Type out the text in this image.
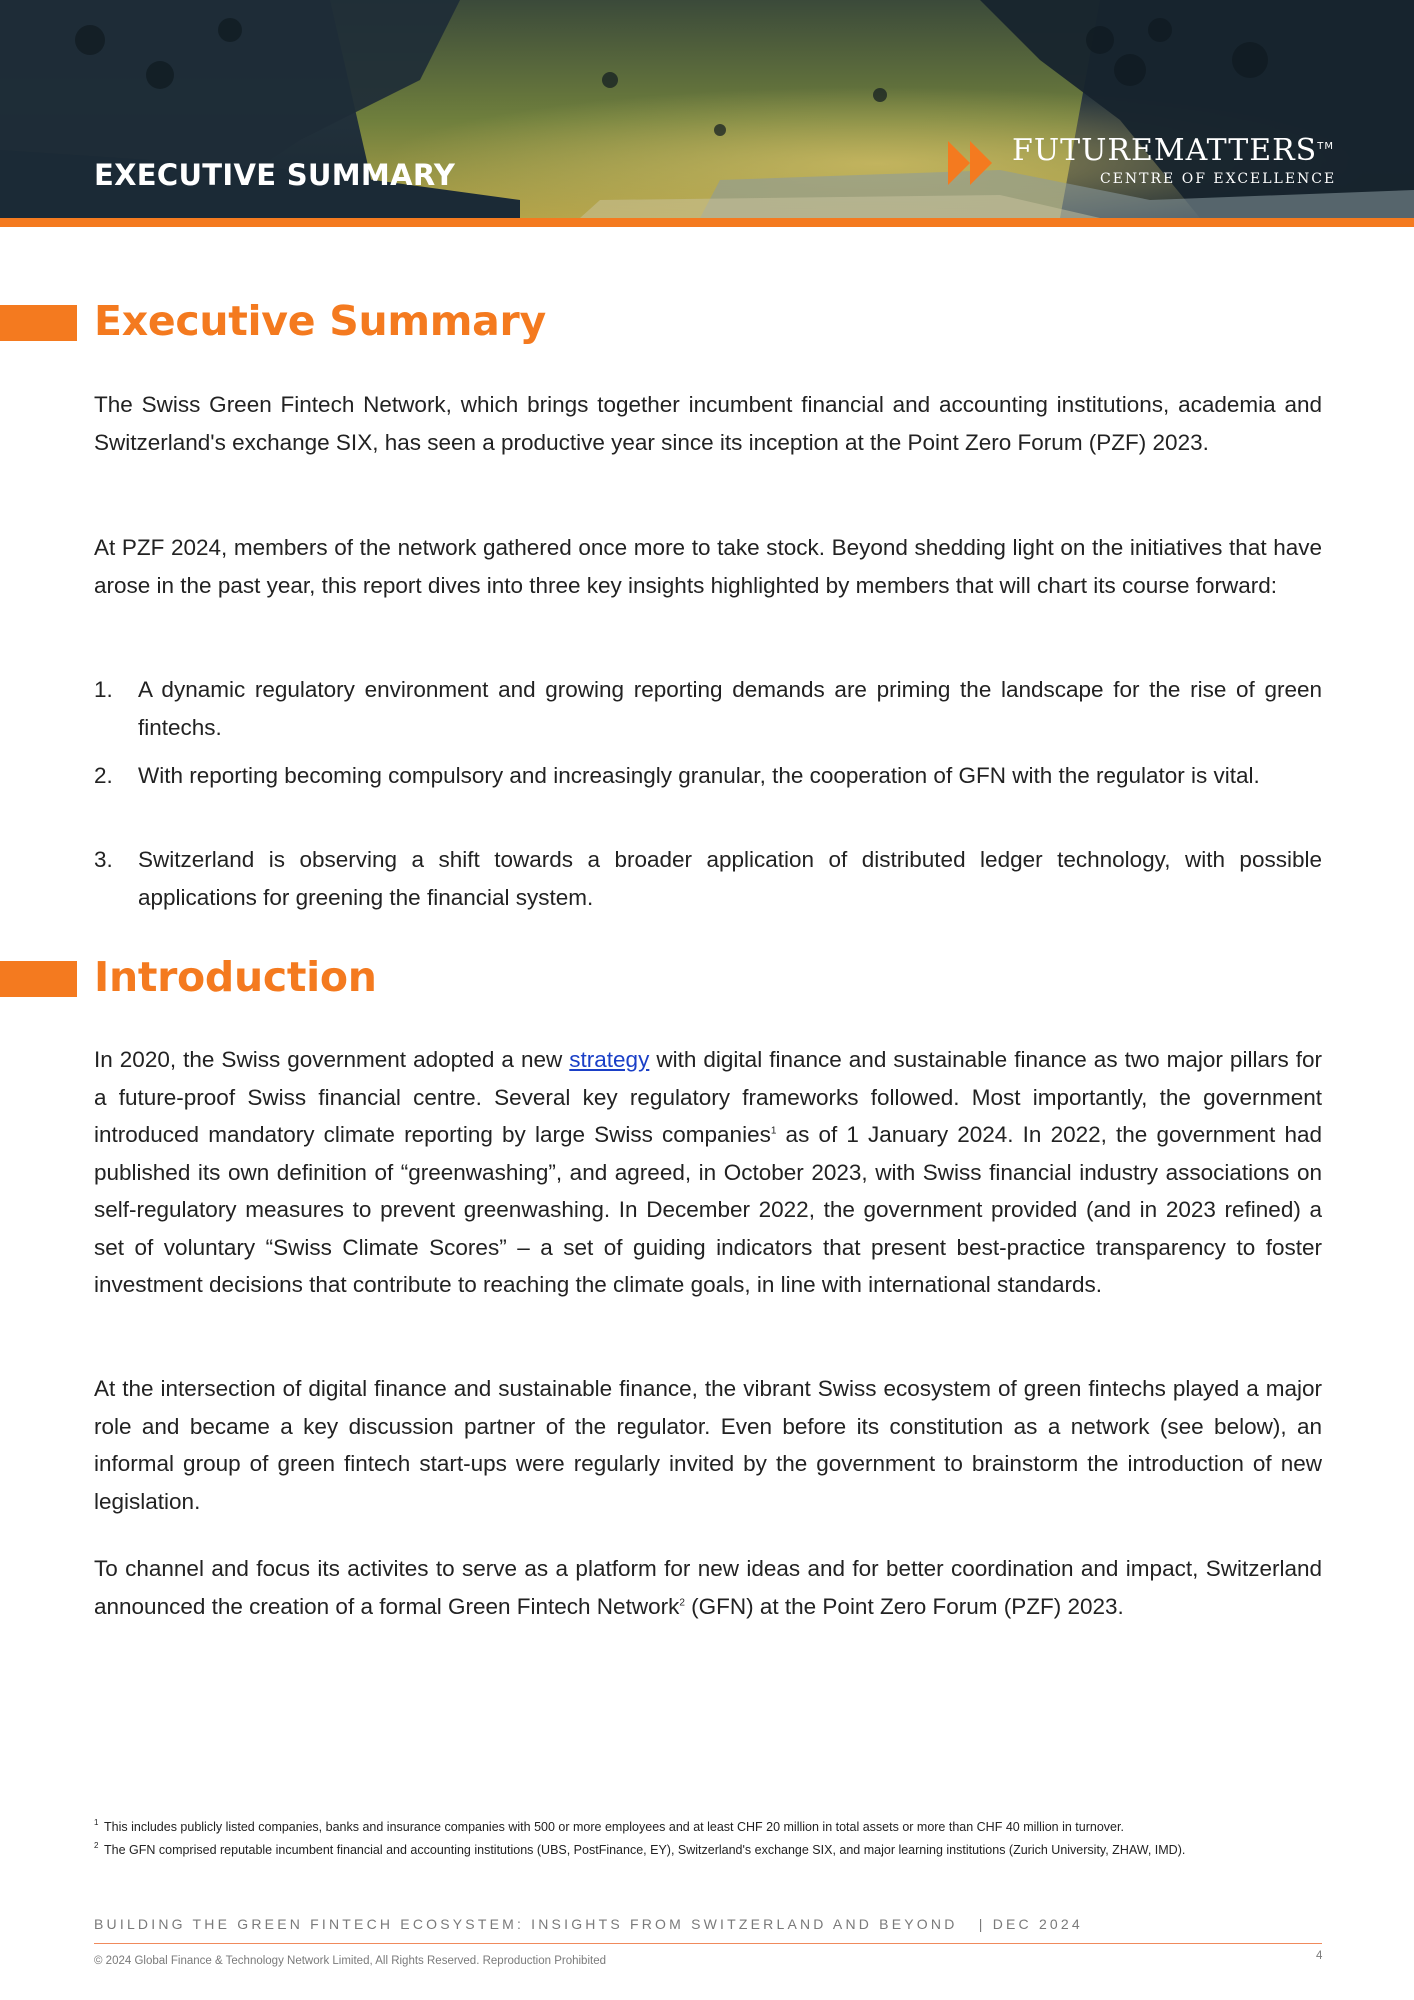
EXECUTIVE SUMMARY
FUTUREMATTERS™
CENTRE OF EXCELLENCE
Executive Summary

The Swiss Green Fintech Network, which brings together incumbent financial and accounting institutions, academia and Switzerland's exchange SIX, has seen a productive year since its inception at the Point Zero Forum (PZF) 2023.

At PZF 2024, members of the network gathered once more to take stock. Beyond shedding light on the initiatives that have arose in the past year, this report dives into three key insights highlighted by members that will chart its course forward:

1. A dynamic regulatory environment and growing reporting demands are priming the landscape for the rise of green fintechs.
2. With reporting becoming compulsory and increasingly granular, the cooperation of GFN with the regulator is vital.
3. Switzerland is observing a shift towards a broader application of distributed ledger technology, with possible applications for greening the financial system.
Introduction

In 2020, the Swiss government adopted a new strategy with digital finance and sustainable finance as two major pillars for a future-proof Swiss financial centre. Several key regulatory frameworks followed. Most importantly, the government introduced mandatory climate reporting by large Swiss companies$^1$ as of 1 January 2024. In 2022, the government had published its own definition of “greenwashing”, and agreed, in October 2023, with Swiss financial industry associations on self-regulatory measures to prevent greenwashing. In December 2022, the government provided (and in 2023 refined) a set of voluntary “Swiss Climate Scores” – a set of guiding indicators that present best-practice transparency to foster investment decisions that contribute to reaching the climate goals, in line with international standards.

At the intersection of digital finance and sustainable finance, the vibrant Swiss ecosystem of green fintechs played a major role and became a key discussion partner of the regulator. Even before its constitution as a network (see below), an informal group of green fintech start-ups were regularly invited by the government to brainstorm the introduction of new legislation.

To channel and focus its activites to serve as a platform for new ideas and for better coordination and impact, Switzerland announced the creation of a formal Green Fintech Network$^2$ (GFN) at the Point Zero Forum (PZF) 2023.

1 This includes publicly listed companies, banks and insurance companies with 500 or more employees and at least CHF 20 million in total assets or more than CHF 40 million in turnover.
2 The GFN comprised reputable incumbent financial and accounting institutions (UBS, PostFinance, EY), Switzerland's exchange SIX, and major learning institutions (Zurich University, ZHAW, IMD).
BUILDING THE GREEN FINTECH ECOSYSTEM: INSIGHTS FROM SWITZERLAND AND BEYOND   | DEC 2024
© 2024 Global Finance & Technology Network Limited, All Rights Reserved. Reproduction Prohibited	4
